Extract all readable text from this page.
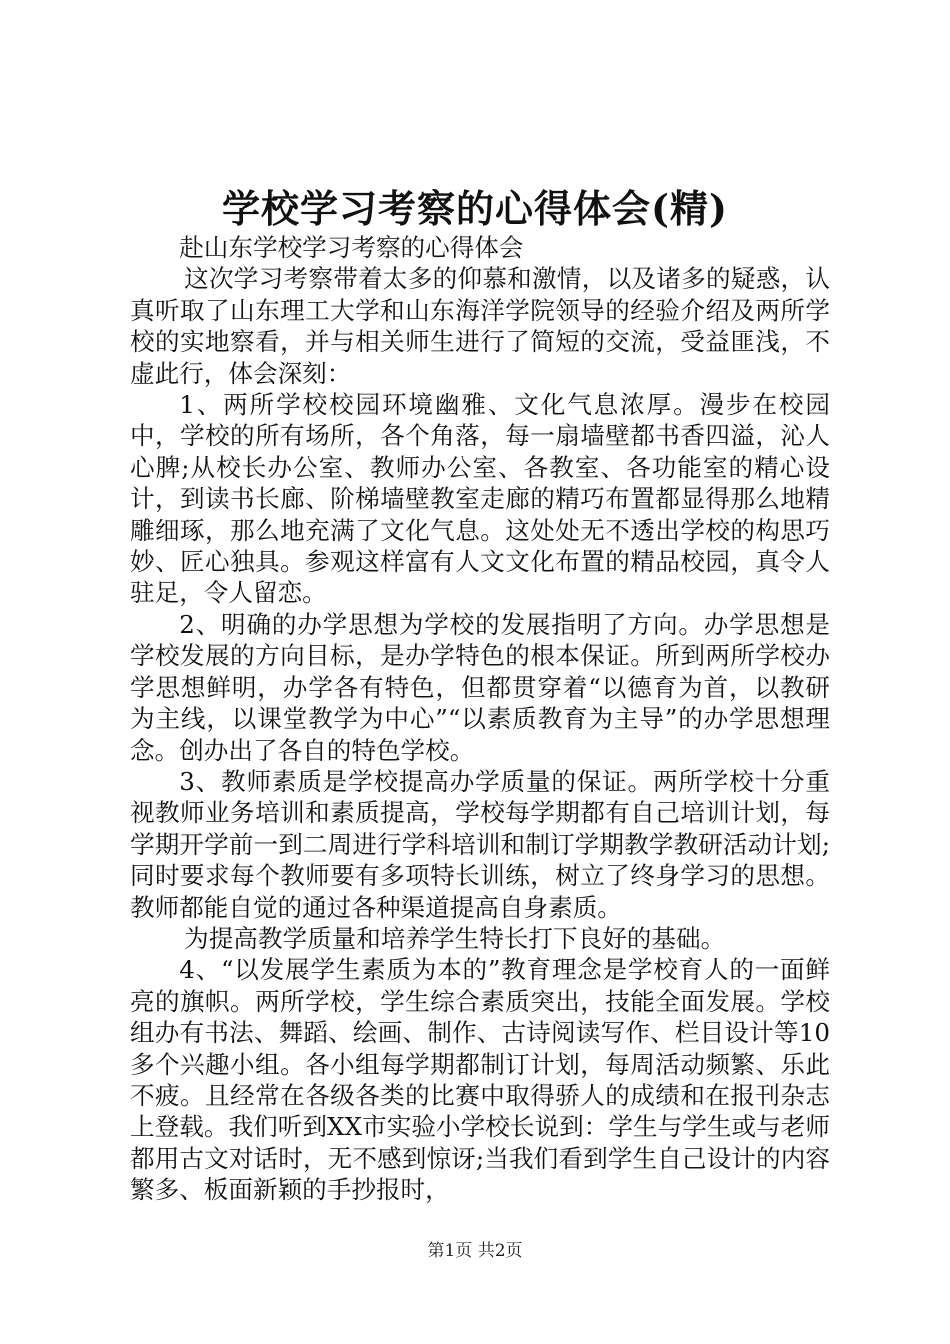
学校学习考察的心得体会(精)

赴山东学校学习考察的心得体会

这次学习考察带着太多的仰慕和激情，以及诸多的疑惑，认真听取了山东理工大学和山东海洋学院领导的经验介绍及两所学校的实地察看，并与相关师生进行了简短的交流，受益匪浅，不虚此行，体会深刻：

1、两所学校校园环境幽雅、文化气息浓厚。漫步在校园中，学校的所有场所，各个角落，每一扇墙壁都书香四溢，沁人心脾;从校长办公室、教师办公室、各教室、各功能室的精心设计，到读书长廊、阶梯墙壁教室走廊的精巧布置都显得那么地精雕细琢，那么地充满了文化气息。这处处无不透出学校的构思巧妙、匠心独具。参观这样富有人文文化布置的精品校园，真令人驻足，令人留恋。

2、明确的办学思想为学校的发展指明了方向。办学思想是学校发展的方向目标，是办学特色的根本保证。所到两所学校办学思想鲜明，办学各有特色，但都贯穿着“以德育为首，以教研为主线，以课堂教学为中心”“以素质教育为主导”的办学思想理念。创办出了各自的特色学校。

3、教师素质是学校提高办学质量的保证。两所学校十分重视教师业务培训和素质提高，学校每学期都有自己培训计划，每学期开学前一到二周进行学科培训和制订学期教学教研活动计划;同时要求每个教师要有多项特长训练，树立了终身学习的思想。教师都能自觉的通过各种渠道提高自身素质。

为提高教学质量和培养学生特长打下良好的基础。

4、“以发展学生素质为本的”教育理念是学校育人的一面鲜亮的旗帜。两所学校，学生综合素质突出，技能全面发展。学校组办有书法、舞蹈、绘画、制作、古诗阅读写作、栏目设计等10多个兴趣小组。各小组每学期都制订计划，每周活动频繁、乐此不疲。且经常在各级各类的比赛中取得骄人的成绩和在报刊杂志上登载。我们听到XX市实验小学校长说到：学生与学生或与老师都用古文对话时，无不感到惊讶;当我们看到学生自己设计的内容繁多、板面新颖的手抄报时，

第1页 共2页
